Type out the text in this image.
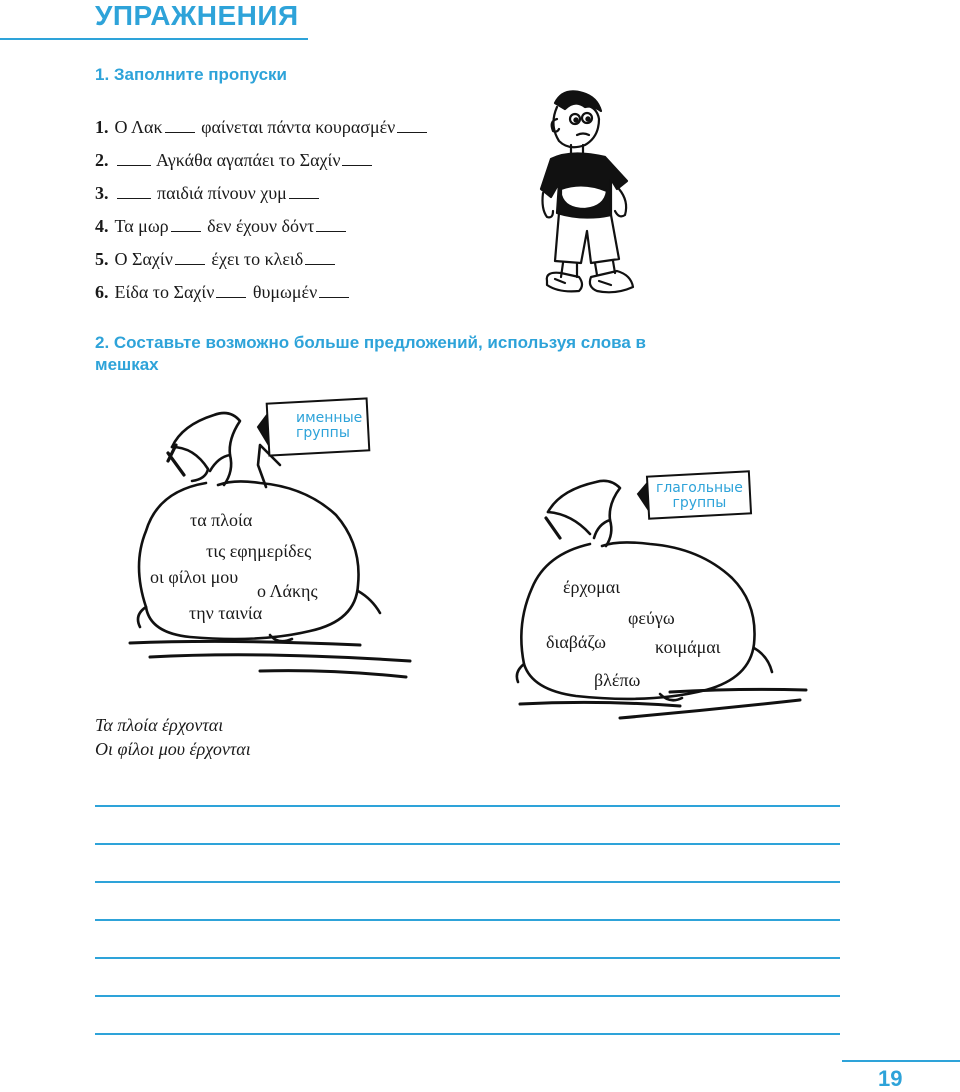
УПРАЖНЕНИЯ
1. Заполните пропуски
1. Ο Λακ φαίνεται πάντα κουρασμέν
2.	Αγκάθα αγαπάει το Σαχίν
3.	παιδιά πίνουν χυμ
4. Τα μωρ δεν έχουν δόντ
5. Ο Σαχίν έχει το κλειδ
6. Είδα το Σαχίν θυμωμέν
2. Составьте возможно больше предложений, используя слова в
мешках
именные
группы
τα πλοία
τις εφημερίδες
οι φίλοι μου
ο Λάκης
την ταινία
глагольные
группы
έρχομαι
φεύγω
διαβάζω	κοιμάμαι
βλέπω
Τα πλοία έρχονται
Οι φίλοι μου έρχονται
19
